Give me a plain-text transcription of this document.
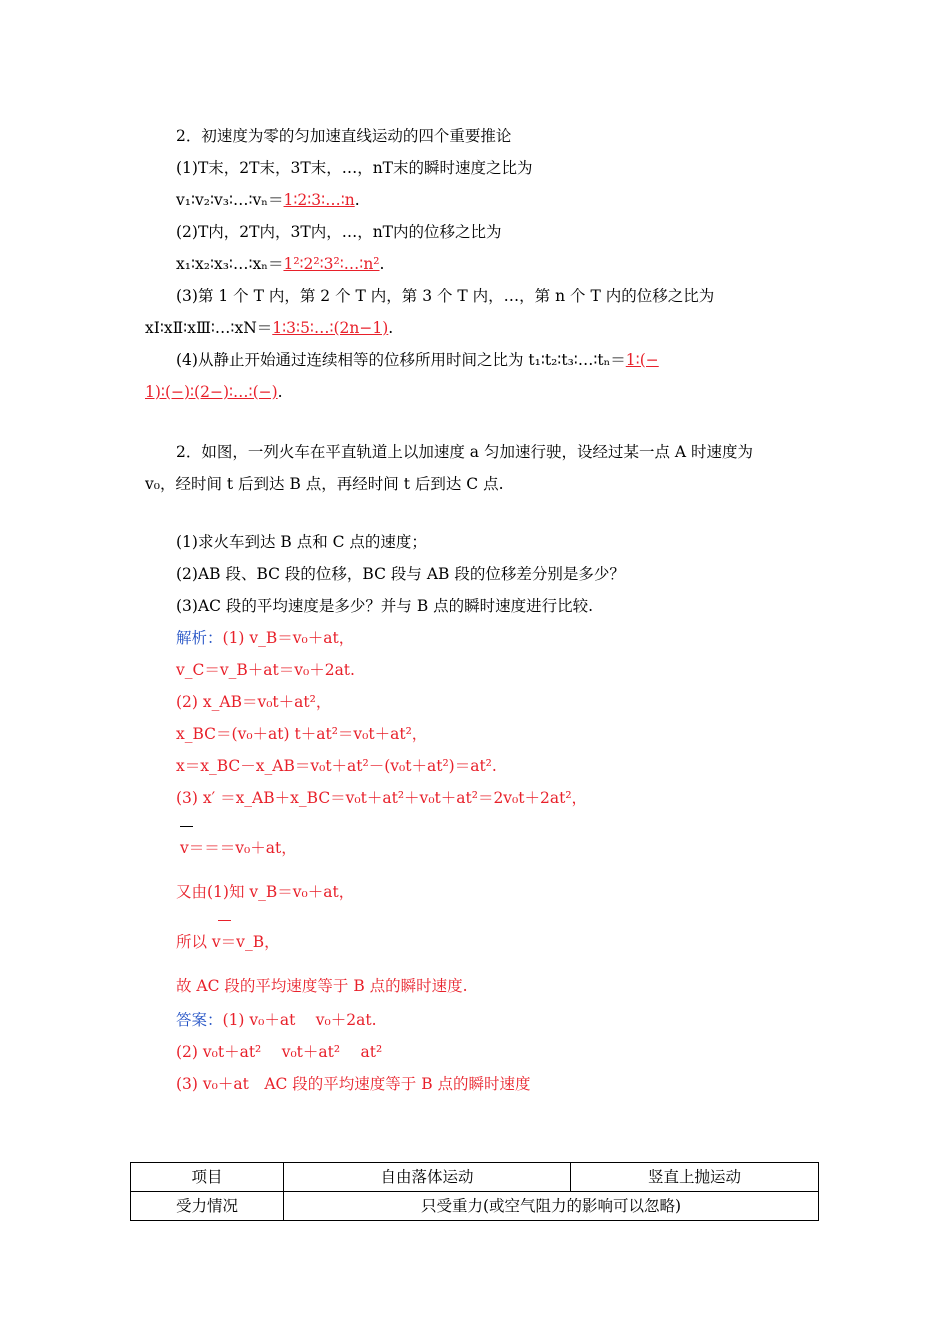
2．初速度为零的匀加速直线运动的四个重要推论
(1)T末，2T末，3T末，…，nT末的瞬时速度之比为
v₁∶v₂∶v₃∶…∶vₙ＝1∶2∶3∶…∶n.
(2)T内，2T内，3T内，…，nT内的位移之比为
x₁∶x₂∶x₃∶…∶xₙ＝1²∶2²∶3²∶…∶n².
(3)第 1 个 T 内，第 2 个 T 内，第 3 个 T 内，…，第 n 个 T 内的位移之比为
xⅠ∶xⅡ∶xⅢ∶…∶xN＝1∶3∶5∶…∶(2n−1).
(4)从静止开始通过连续相等的位移所用时间之比为 t₁∶t₂∶t₃∶…∶tₙ＝1∶(−
1)∶(−)∶(2−)∶…∶(−).
2．如图，一列火车在平直轨道上以加速度 a 匀加速行驶，设经过某一点 A 时速度为
v₀，经时间 t 后到达 B 点，再经时间 t 后到达 C 点.
(1)求火车到达 B 点和 C 点的速度；
(2)AB 段、BC 段的位移，BC 段与 AB 段的位移差分别是多少？
(3)AC 段的平均速度是多少？并与 B 点的瞬时速度进行比较.
解析：(1) v_B＝v₀＋at，
v_C＝v_B＋at＝v₀＋2at.
(2) x_AB＝v₀t＋at²，
x_BC＝(v₀＋at) t＋at²＝v₀t＋at²，
x＝x_BC－x_AB＝v₀t＋at²－(v₀t＋at²)＝at².
(3) x′ ＝x_AB＋x_BC＝v₀t＋at²＋v₀t＋at²＝2v₀t＋2at²，
v＝＝＝v₀＋at，
又由(1)知 v_B＝v₀＋at，
所以 v＝v_B，
故 AC 段的平均速度等于 B 点的瞬时速度.
答案：(1) v₀＋at　 v₀＋2at.
(2) v₀t＋at²　 v₀t＋at²　 at²
(3) v₀＋at　AC 段的平均速度等于 B 点的瞬时速度
项目	自由落体运动	竖直上抛运动
受力情况	只受重力(或空气阻力的影响可以忽略)	
